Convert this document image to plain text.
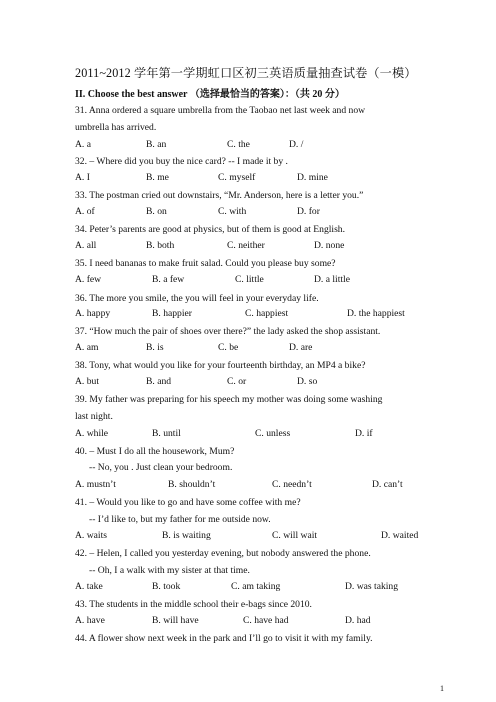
2011~2012 学年第一学期虹口区初三英语质量抽查试卷（一模）
II. Choose the best answer （选择最恰当的答案）：（共 20 分）
31. Anna ordered a square umbrella from the Taobao net last week and now
umbrella has arrived.
A. a	B. an	C. the	D. /
32. – Where did you buy the nice card? -- I made it by .
A. I	B. me	C. myself	D. mine
33. The postman cried out downstairs, “Mr. Anderson, here is a letter you.”
A. of	B. on	C. with	D. for
34. Peter’s parents are good at physics, but of them is good at English.
A. all	B. both	C. neither	D. none
35. I need bananas to make fruit salad. Could you please buy some?
A. few	B. a few	C. little	D. a little
36. The more you smile, the you will feel in your everyday life.
A. happy	B. happier	C. happiest	D. the happiest
37. “How much the pair of shoes over there?” the lady asked the shop assistant.
A. am	B. is	C. be	D. are
38. Tony, what would you like for your fourteenth birthday, an MP4 a bike?
A. but	B. and	C. or	D. so
39. My father was preparing for his speech my mother was doing some washing
last night.
A. while	B. until	C. unless	D. if
40. – Must I do all the housework, Mum?
-- No, you . Just clean your bedroom.
A. mustn’t	B. shouldn’t	C. needn’t	D. can’t
41. – Would you like to go and have some coffee with me?
-- I’d like to, but my father for me outside now.
A. waits	B. is waiting	C. will wait	D. waited
42. – Helen, I called you yesterday evening, but nobody answered the phone.
-- Oh, I a walk with my sister at that time.
A. take	B. took	C. am taking	D. was taking
43. The students in the middle school their e-bags since 2010.
A. have	B. will have	C. have had	D. had
44. A flower show next week in the park and I’ll go to visit it with my family.
1
